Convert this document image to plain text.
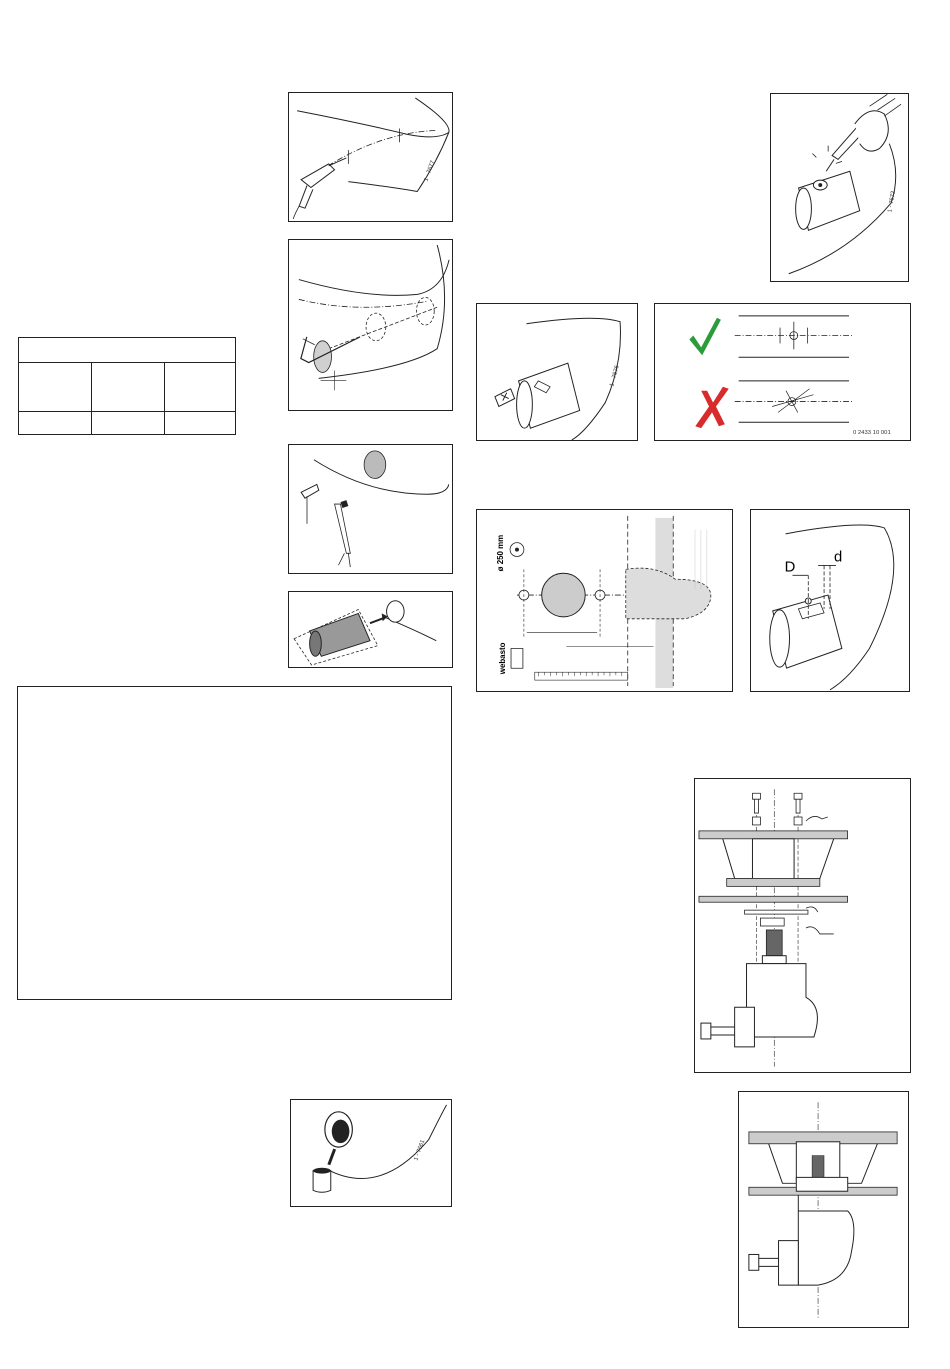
1 - 7677

1 - 7661
1 - 7672
1 - 7676
0 2433 10 001
ø 250 mm
webasto
D
d
